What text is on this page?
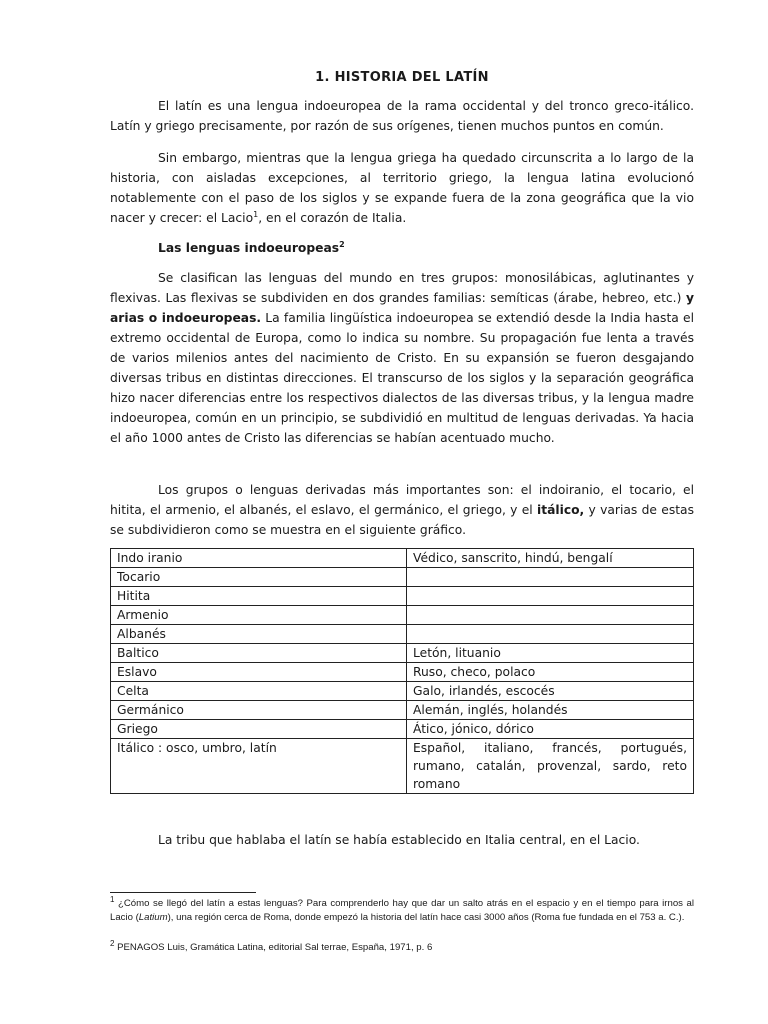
1. HISTORIA DEL LATÍN

El latín es una lengua indoeuropea de la rama occidental y del tronco greco-itálico. Latín y griego precisamente, por razón de sus orígenes, tienen muchos puntos en común.

Sin embargo, mientras que la lengua griega ha quedado circunscrita a lo largo de la historia, con aisladas excepciones, al territorio griego, la lengua latina evolucionó notablemente con el paso de los siglos y se expande fuera de la zona geográfica que la vio nacer y crecer: el Lacio$^1$, en el corazón de Italia.

Las lenguas indoeuropeas$^2$

Se clasifican las lenguas del mundo en tres grupos: monosilábicas, aglutinantes y flexivas. Las flexivas se subdividen en dos grandes familias: semíticas (árabe, hebreo, etc.) y arias o indoeuropeas. La familia lingüística indoeuropea se extendió desde la India hasta el extremo occidental de Europa, como lo indica su nombre. Su propagación fue lenta a través de varios milenios antes del nacimiento de Cristo. En su expansión se fueron desgajando diversas tribus en distintas direcciones. El transcurso de los siglos y la separación geográfica hizo nacer diferencias entre los respectivos dialectos de las diversas tribus, y la lengua madre indoeuropea, común en un principio, se subdividió en multitud de lenguas derivadas. Ya hacia el año 1000 antes de Cristo las diferencias se habían acentuado mucho.

Los grupos o lenguas derivadas más importantes son: el indoiranio, el tocario, el hitita, el armenio, el albanés, el eslavo, el germánico, el griego, y el itálico, y varias de estas se subdividieron como se muestra en el siguiente gráfico.

Indo iranio	Védico, sanscrito, hindú, bengalí
Tocario	
Hitita	
Armenio	
Albanés	
Baltico	Letón, lituanio
Eslavo	Ruso, checo, polaco
Celta	Galo, irlandés, escocés
Germánico	Alemán, inglés, holandés
Griego	Ático, jónico, dórico
Itálico : osco, umbro, latín	Español, italiano, francés, portugués, rumano, catalán, provenzal, sardo, reto romano

La tribu que hablaba el latín se había establecido en Italia central, en el Lacio.

$^1$ ¿Cómo se llegó del latín a estas lenguas? Para comprenderlo hay que dar un salto atrás en el espacio y en el tiempo para irnos al Lacio (Latium), una región cerca de Roma, donde empezó la historia del latín hace casi 3000 años (Roma fue fundada en el 753 a. C.).

$^2$ PENAGOS Luis, Gramática Latina, editorial Sal terrae, España, 1971, p. 6
